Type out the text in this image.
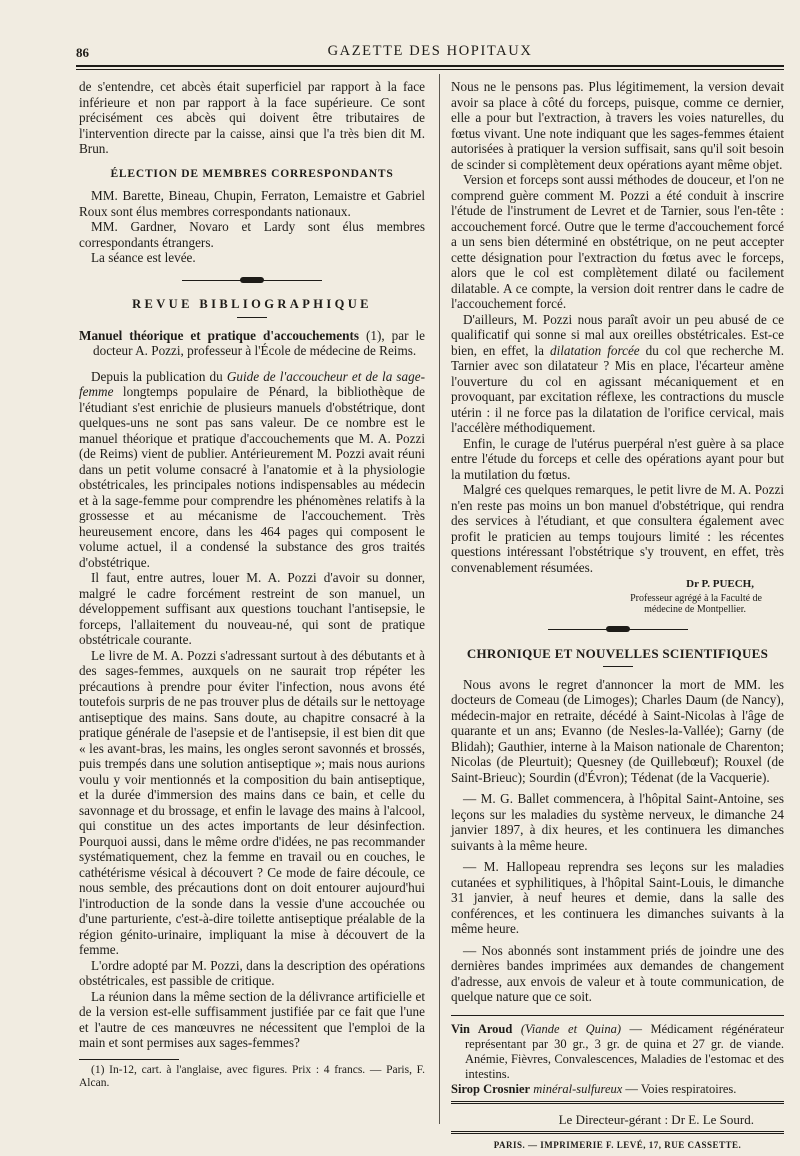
86	GAZETTE DES HOPITAUX

de s'entendre, cet abcès était superficiel par rapport à la face inférieure et non par rapport à la face supérieure. Ce sont précisément ces abcès qui doivent être tributaires de l'intervention directe par la caisse, ainsi que l'a très bien dit M. Brun.

ÉLECTION DE MEMBRES CORRESPONDANTS

MM. Barette, Bineau, Chupin, Ferraton, Lemaistre et Gabriel Roux sont élus membres correspondants nationaux.

MM. Gardner, Novaro et Lardy sont élus membres correspondants étrangers.

La séance est levée.

REVUE BIBLIOGRAPHIQUE

Manuel théorique et pratique d'accouchements (1), par le docteur A. Pozzi, professeur à l'École de médecine de Reims.

Depuis la publication du Guide de l'accoucheur et de la sage-femme longtemps populaire de Pénard, la bibliothèque de l'étudiant s'est enrichie de plusieurs manuels d'obstétrique, dont quelques-uns ne sont pas sans valeur. De ce nombre est le manuel théorique et pratique d'accouchements que M. A. Pozzi (de Reims) vient de publier. Antérieurement M. Pozzi avait réuni dans un petit volume consacré à l'anatomie et à la physiologie obstétricales, les principales notions indispensables au médecin et à la sage-femme pour comprendre les phénomènes relatifs à la grossesse et au mécanisme de l'accouchement. Très heureusement encore, dans les 464 pages qui composent le volume actuel, il a condensé la substance des gros traités d'obstétrique.

Il faut, entre autres, louer M. A. Pozzi d'avoir su donner, malgré le cadre forcément restreint de son manuel, un développement suffisant aux questions touchant l'antisepsie, le forceps, l'allaitement du nouveau-né, qui sont de pratique obstétricale courante.

Le livre de M. A. Pozzi s'adressant surtout à des débutants et à des sages-femmes, auxquels on ne saurait trop répéter les précautions à prendre pour éviter l'infection, nous avons été toutefois surpris de ne pas trouver plus de détails sur le nettoyage antiseptique des mains. Sans doute, au chapitre consacré à la pratique générale de l'asepsie et de l'antisepsie, il est bien dit que « les avant-bras, les mains, les ongles seront savonnés et brossés, puis trempés dans une solution antiseptique »; mais nous aurions voulu y voir mentionnés et la composition du bain antiseptique, et la durée d'immersion des mains dans ce bain, et celle du savonnage et du brossage, et enfin le lavage des mains à l'alcool, qui constitue un des actes importants de leur désinfection. Pourquoi aussi, dans le même ordre d'idées, ne pas recommander systématiquement, chez la femme en travail ou en couches, le cathétérisme vésical à découvert ? Ce mode de faire découle, ce nous semble, des précautions dont on doit entourer aujourd'hui l'introduction de la sonde dans la vessie d'une accouchée ou d'une parturiente, c'est-à-dire toilette antiseptique préalable de la région génito-urinaire, impliquant la mise à découvert de la femme.

L'ordre adopté par M. Pozzi, dans la description des opérations obstétricales, est passible de critique.

La réunion dans la même section de la délivrance artificielle et de la version est-elle suffisamment justifiée par ce fait que l'une et l'autre de ces manœuvres ne nécessitent que l'emploi de la main et sont permises aux sages-femmes?

(1) In-12, cart. à l'anglaise, avec figures. Prix : 4 francs. — Paris, F. Alcan.

Nous ne le pensons pas. Plus légitimement, la version devait avoir sa place à côté du forceps, puisque, comme ce dernier, elle a pour but l'extraction, à travers les voies naturelles, du fœtus vivant. Une note indiquant que les sages-femmes étaient autorisées à pratiquer la version suffisait, sans qu'il soit besoin de scinder si complètement deux opérations ayant même objet.

Version et forceps sont aussi méthodes de douceur, et l'on ne comprend guère comment M. Pozzi a été conduit à inscrire l'étude de l'instrument de Levret et de Tarnier, sous l'en-tête : accouchement forcé. Outre que le terme d'accouchement forcé a un sens bien déterminé en obstétrique, on ne peut accepter cette désignation pour l'extraction du fœtus avec le forceps, alors que le col est complètement dilaté ou facilement dilatable. A ce compte, la version doit rentrer dans le cadre de l'accouchement forcé.

D'ailleurs, M. Pozzi nous paraît avoir un peu abusé de ce qualificatif qui sonne si mal aux oreilles obstétricales. Est-ce bien, en effet, la dilatation forcée du col que recherche M. Tarnier avec son dilatateur ? Mis en place, l'écarteur amène l'ouverture du col en agissant mécaniquement et en provoquant, par excitation réflexe, les contractions du muscle utérin : il ne force pas la dilatation de l'orifice cervical, mais l'accélère méthodiquement.

Enfin, le curage de l'utérus puerpéral n'est guère à sa place entre l'étude du forceps et celle des opérations ayant pour but la mutilation du fœtus.

Malgré ces quelques remarques, le petit livre de M. A. Pozzi n'en reste pas moins un bon manuel d'obstétrique, qui rendra des services à l'étudiant, et que consultera également avec profit le praticien au temps toujours limité : les récentes questions intéressant l'obstétrique s'y trouvent, en effet, très convenablement résumées.

Dr P. PUECH,
Professeur agrégé à la Faculté de
médecine de Montpellier.
CHRONIQUE ET NOUVELLES SCIENTIFIQUES

Nous avons le regret d'annoncer la mort de MM. les docteurs de Comeau (de Limoges); Charles Daum (de Nancy), médecin-major en retraite, décédé à Saint-Nicolas à l'âge de quarante et un ans; Evanno (de Nesles-la-Vallée); Garny (de Blidah); Gauthier, interne à la Maison nationale de Charenton; Nicolas (de Pleurtuit); Quesney (de Quillebœuf); Rouxel (de Saint-Brieuc); Sourdin (d'Évron); Tédenat (de la Vacquerie).

— M. G. Ballet commencera, à l'hôpital Saint-Antoine, ses leçons sur les maladies du système nerveux, le dimanche 24 janvier 1897, à dix heures, et les continuera les dimanches suivants à la même heure.

— M. Hallopeau reprendra ses leçons sur les maladies cutanées et syphilitiques, à l'hôpital Saint-Louis, le dimanche 31 janvier, à neuf heures et demie, dans la salle des conférences, et les continuera les dimanches suivants à la même heure.

— Nos abonnés sont instamment priés de joindre une des dernières bandes imprimées aux demandes de changement d'adresse, aux envois de valeur et à toute communication, de quelque nature que ce soit.

Vin Aroud (Viande et Quina) — Médicament régénérateur représentant par 30 gr., 3 gr. de quina et 27 gr. de viande. Anémie, Fièvres, Convalescences, Maladies de l'estomac et des intestins.

Sirop Crosnier minéral-sulfureux — Voies respiratoires.

Le Directeur-gérant : Dr E. Le Sourd.
PARIS. — IMPRIMERIE F. LEVÉ, 17, RUE CASSETTE.
